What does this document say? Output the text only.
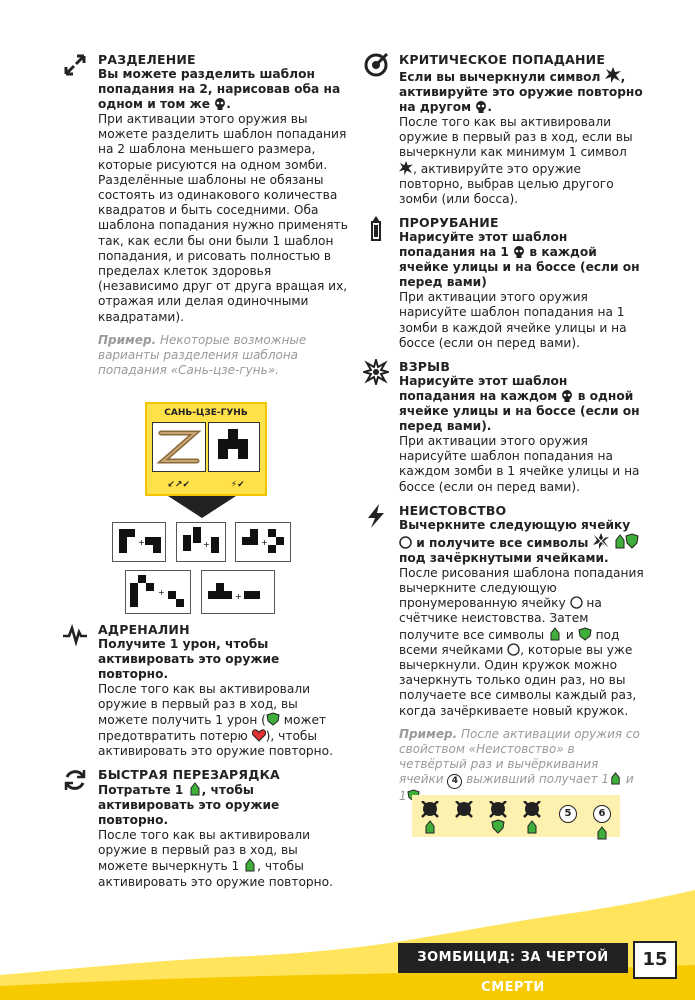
РАЗДЕЛЕНИЕ
Вы можете разделить шаблон попадания на 2, нарисовав оба на одном и том же .
При активации этого оружия вы можете разделить шаблон попадания на 2 шаблона меньшего размера, которые рисуются на одном зомби. Разделённые шаблоны не обязаны состоять из одинакового количества квадратов и быть соседними. Оба шаблона попадания нужно применять так, как если бы они были 1 шаблон попадания, и рисовать полностью в пределах клеток здоровья (независимо друг от друга вращая их, отражая или делая одиночными квадратами).
Пример. Некоторые возможные варианты разделения шаблона попадания «Сань-цзе-гунь».
САНЬ-ЦЗЕ-ГУНЬ
↙↗✔	⚡✔
+	+	+
+	+
АДРЕНАЛИН
Получите 1 урон, чтобы активировать это оружие повторно.
После того как вы активировали оружие в первый раз в ход, вы можете получить 1 урон ( может предотвратить потерю ), чтобы активировать это оружие повторно.
БЫСТРАЯ ПЕРЕЗАРЯДКА
Потратьте 1 , чтобы активировать это оружие повторно.
После того как вы активировали оружие в первый раз в ход, вы можете вычеркнуть 1 , чтобы активировать это оружие повторно.
КРИТИЧЕСКОЕ ПОПАДАНИЕ
Если вы вычеркнули символ , активируйте это оружие повторно на другом .
После того как вы активировали оружие в первый раз в ход, если вы вычеркнули как минимум 1 символ , активируйте это оружие повторно, выбрав целью другого зомби (или босса).
ПРОРУБАНИЕ
Нарисуйте этот шаблон попадания на 1  в каждой ячейке улицы и на боссе (если он перед вами)
При активации этого оружия нарисуйте шаблон попадания на 1 зомби в каждой ячейке улицы и на боссе (если он перед вами).
ВЗРЫВ
Нарисуйте этот шаблон попадания на каждом  в одной ячейке улицы и на боссе (если он перед вами).
При активации этого оружия нарисуйте шаблон попадания на каждом зомби в 1 ячейке улицы и на боссе (если он перед вами).
НЕИСТОВСТВО
Вычеркните следующую ячейку  и получите все символы   под зачёркнутыми ячейками.
После рисования шаблона попадания вычеркните следующую пронумерованную ячейку  на счётчике неистовства. Затем получите все символы  и  под всеми ячейками , которые вы уже вычеркнули. Один кружок можно зачеркнуть только один раз, но вы получаете все символы каждый раз, когда зачёркиваете новый кружок.
Пример. После активации оружия со свойством «Неистовство» в четвёртый раз и вычёркивания ячейки 4 выживший получает 1 и 1
5	6
ЗОМБИЦИД: ЗА ЧЕРТОЙ СМЕРТИ
15
